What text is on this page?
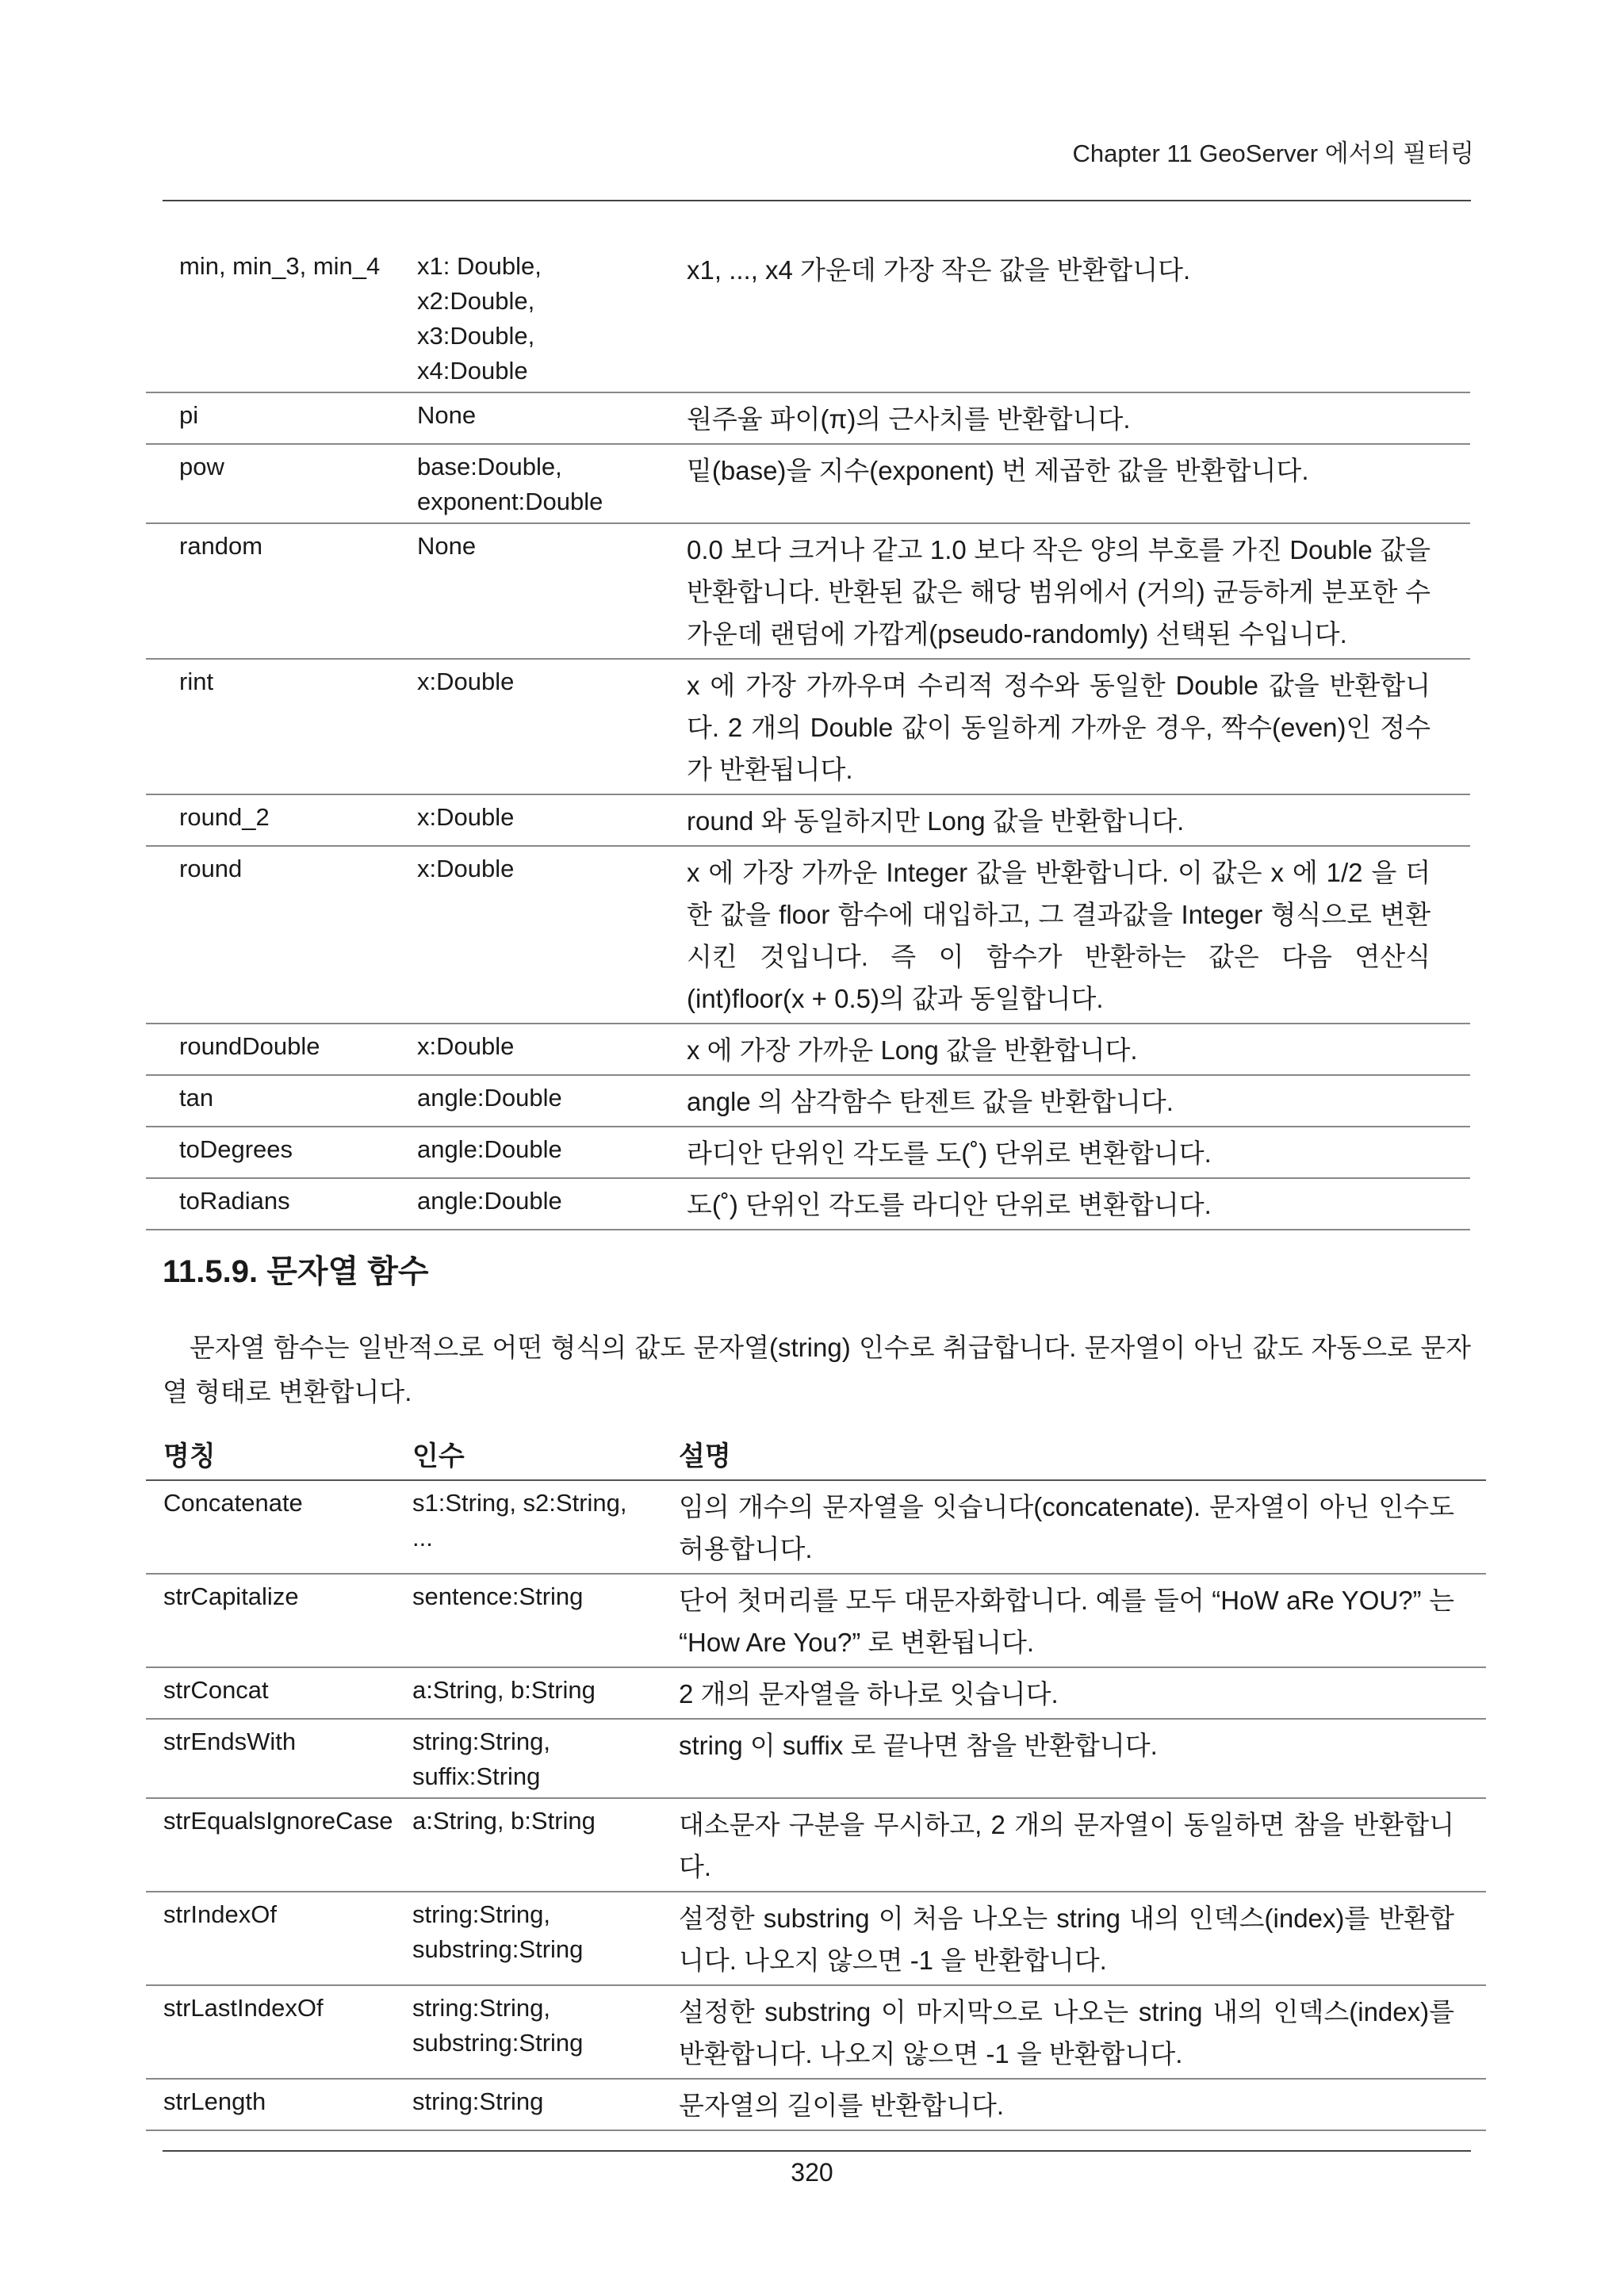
Chapter 11 GeoServer 에서의 필터링
min, min_3, min_4	x1: Double, x2:Double, x3:Double, x4:Double	x1, ..., x4 가운데 가장 작은 값을 반환합니다.
pi	None	원주율 파이(π)의 근사치를 반환합니다.
pow	base:Double, exponent:Double	밑(base)을 지수(exponent) 번 제곱한 값을 반환합니다.
random	None	0.0 보다 크거나 같고 1.0 보다 작은 양의 부호를 가진 Double 값을 반환합니다. 반환된 값은 해당 범위에서 (거의) 균등하게 분포한 수 가운데 랜덤에 가깝게(pseudo-randomly) 선택된 수입니다.
rint	x:Double	x 에 가장 가까우며 수리적 정수와 동일한 Double 값을 반환합니다. 2 개의 Double 값이 동일하게 가까운 경우, 짝수(even)인 정수가 반환됩니다.
round_2	x:Double	round 와 동일하지만 Long 값을 반환합니다.
round	x:Double	x 에 가장 가까운 Integer 값을 반환합니다. 이 값은 x 에 1/2 을 더한 값을 floor 함수에 대입하고, 그 결과값을 Integer 형식으로 변환시킨 것입니다. 즉 이 함수가 반환하는 값은 다음 연산식 (int)floor(x + 0.5)의 값과 동일합니다.
roundDouble	x:Double	x 에 가장 가까운 Long 값을 반환합니다.
tan	angle:Double	angle 의 삼각함수 탄젠트 값을 반환합니다.
toDegrees	angle:Double	라디안 단위인 각도를 도(˚) 단위로 변환합니다.
toRadians	angle:Double	도(˚) 단위인 각도를 라디안 단위로 변환합니다.
11.5.9. 문자열 함수
문자열 함수는 일반적으로 어떤 형식의 값도 문자열(string) 인수로 취급합니다. 문자열이 아닌 값도 자동으로 문자열 형태로 변환합니다.
명칭	인수	설명
Concatenate	s1:String, s2:String, ...	임의 개수의 문자열을 잇습니다(concatenate). 문자열이 아닌 인수도 허용합니다.
strCapitalize	sentence:String	단어 첫머리를 모두 대문자화합니다. 예를 들어 “HoW aRe YOU?” 는 “How Are You?” 로 변환됩니다.
strConcat	a:String, b:String	2 개의 문자열을 하나로 잇습니다.
strEndsWith	string:String, suffix:String	string 이 suffix 로 끝나면 참을 반환합니다.
strEqualsIgnoreCase	a:String, b:String	대소문자 구분을 무시하고, 2 개의 문자열이 동일하면 참을 반환합니다.
strIndexOf	string:String, substring:String	설정한 substring 이 처음 나오는 string 내의 인덱스(index)를 반환합니다. 나오지 않으면 -1 을 반환합니다.
strLastIndexOf	string:String, substring:String	설정한 substring 이 마지막으로 나오는 string 내의 인덱스(index)를 반환합니다. 나오지 않으면 -1 을 반환합니다.
strLength	string:String	문자열의 길이를 반환합니다.
320
